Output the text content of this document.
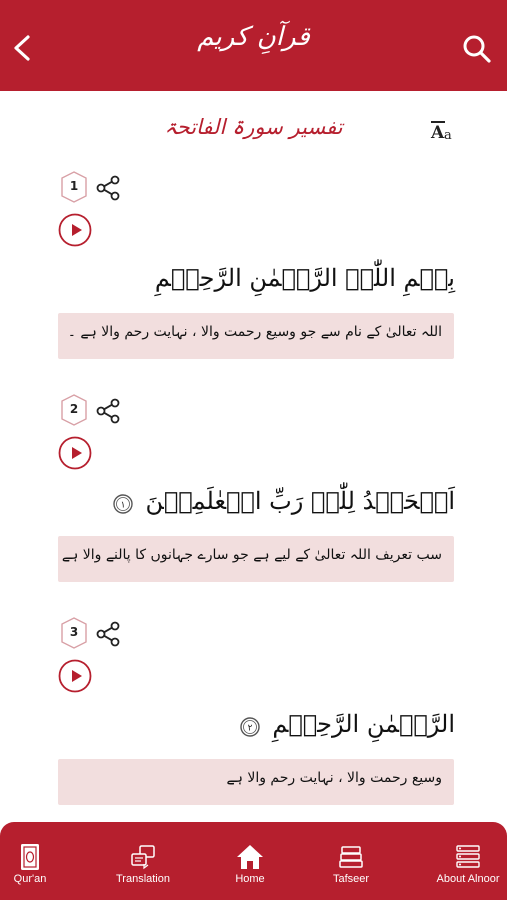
قرآنِ کریم
تفسیر سورۃ الفاتحۃ	A a
1
بِسۡمِ اللّٰہِ الرَّحۡمٰنِ الرَّحِیۡمِ
اللہ تعالیٰ کے نام سے جو وسیع رحمت والا ، نہایت رحم والا ہے ۔
2
اَلۡحَمۡدُ لِلّٰہِ رَبِّ الۡعٰلَمِیۡنَ
١
سب تعریف اللہ تعالیٰ کے لیے ہے جو سارے جہانوں کا پالنے والا ہے
3
الرَّحۡمٰنِ الرَّحِیۡمِ
٢
وسیع رحمت والا ، نہایت رحم والا ہے
Qur'an	Translation	Home	Tafseer	About Alnoor
